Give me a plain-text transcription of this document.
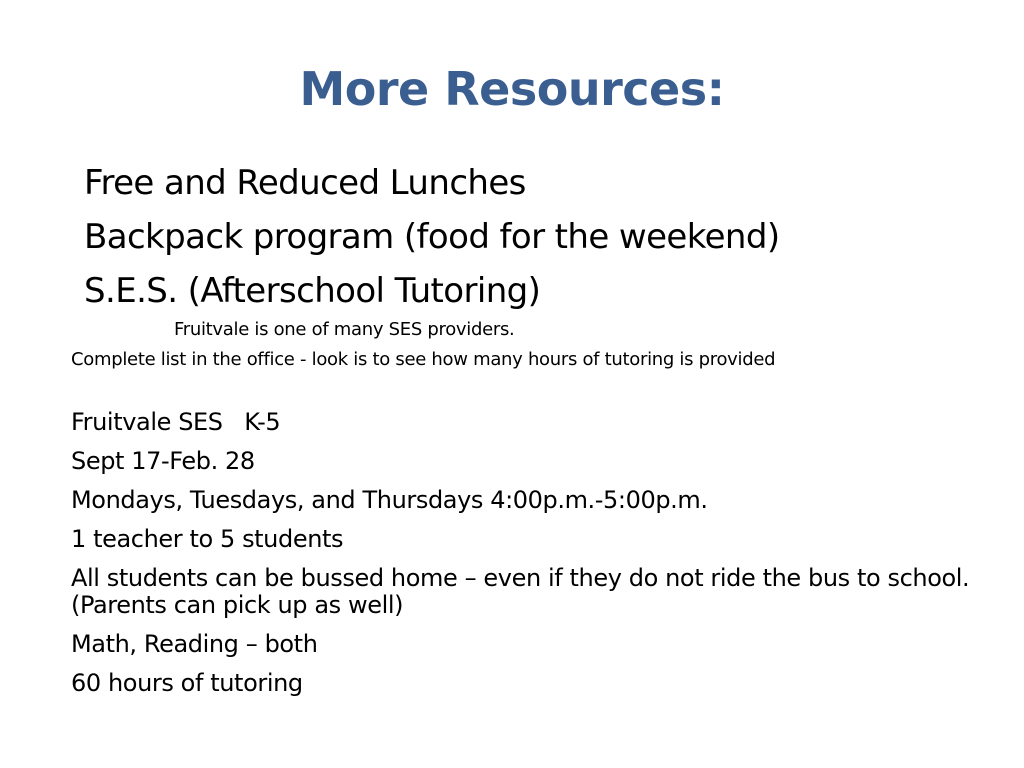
More Resources:
Free and Reduced Lunches
Backpack program (food for the weekend)
S.E.S. (Afterschool Tutoring)

Fruitvale is one of many SES providers.

Complete list in the office - look is to see how many hours of tutoring is provided

Fruitvale SES   K-5
Sept 17-Feb. 28
Mondays, Tuesdays, and Thursdays 4:00p.m.-5:00p.m.
1 teacher to 5 students
All students can be bussed home – even if they do not ride the bus to school.  (Parents can pick up as well)
Math, Reading – both
60 hours of tutoring
